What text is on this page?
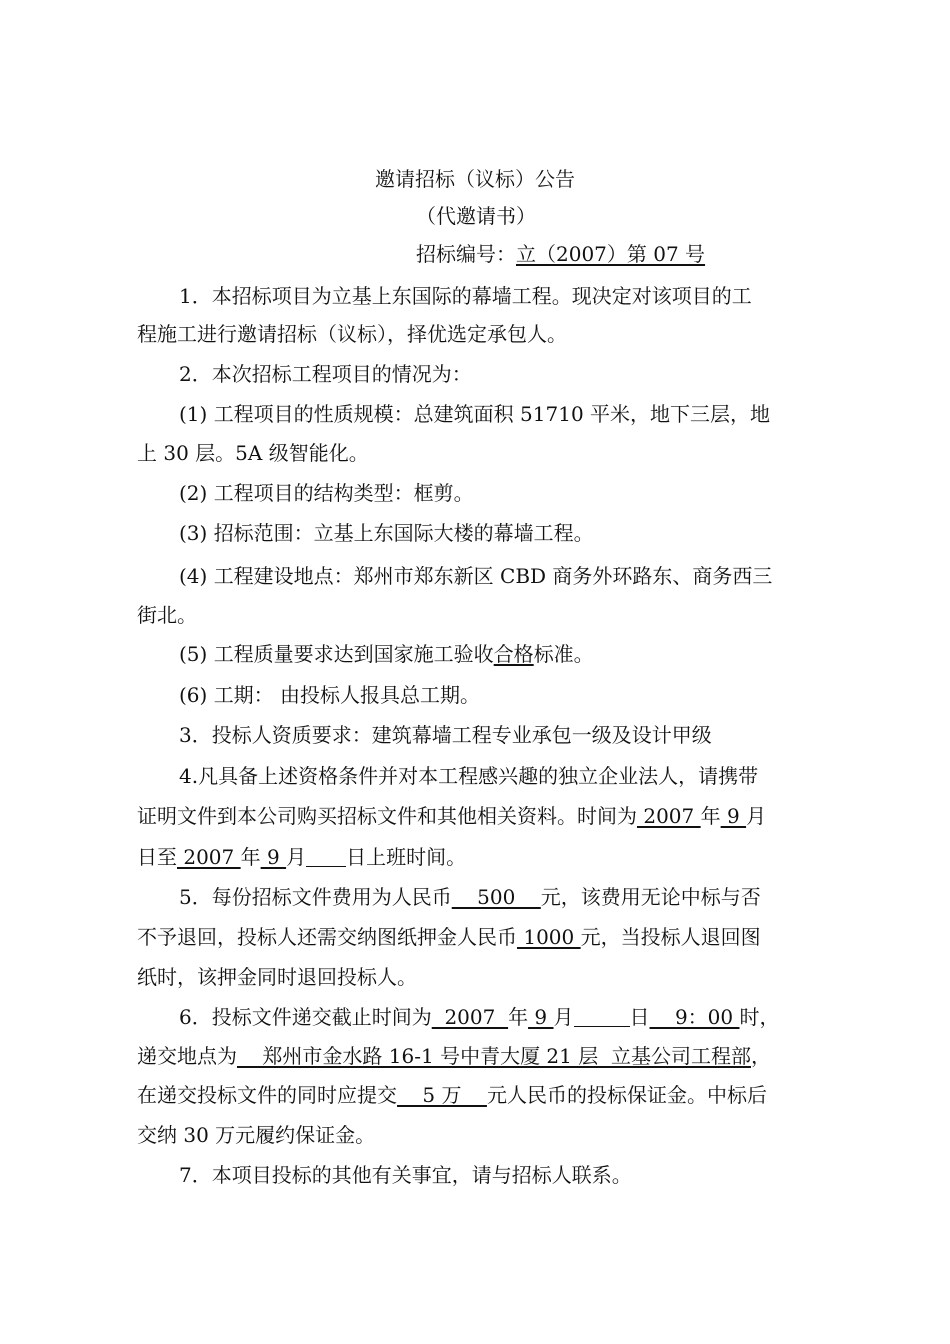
邀请招标（议标）公告
（代邀请书）
招标编号：立（2007）第 07 号
1．本招标项目为立基上东国际的幕墙工程。现决定对该项目的工
程施工进行邀请招标（议标），择优选定承包人。
2．本次招标工程项目的情况为：
(1) 工程项目的性质规模：总建筑面积 51710 平米，地下三层，地
上 30 层。5A 级智能化。
(2) 工程项目的结构类型：框剪。
(3) 招标范围：立基上东国际大楼的幕墙工程。
(4) 工程建设地点：郑州市郑东新区 CBD 商务外环路东、商务西三
街北。
(5) 工程质量要求达到国家施工验收合格标准。
(6) 工期： 由投标人报具总工期。
3．投标人资质要求：建筑幕墙工程专业承包一级及设计甲级
4.凡具备上述资格条件并对本工程感兴趣的独立企业法人，请携带
证明文件到本公司购买招标文件和其他相关资料。时间为 2007 年 9 月
日至 2007 年 9 月 日上班时间。
5．每份招标文件费用为人民币    500    元，该费用无论中标与否
不予退回，投标人还需交纳图纸押金人民币 1000 元，当投标人退回图
纸时，该押金同时退回投标人。
6．投标文件递交截止时间为  2007  年 9 月	日    9：00 时，
递交地点为    郑州市金水路 16-1 号中青大厦 21 层  立基公司工程部，
在递交投标文件的同时应提交    5 万    元人民币的投标保证金。中标后
交纳 30 万元履约保证金。
7．本项目投标的其他有关事宜，请与招标人联系。
